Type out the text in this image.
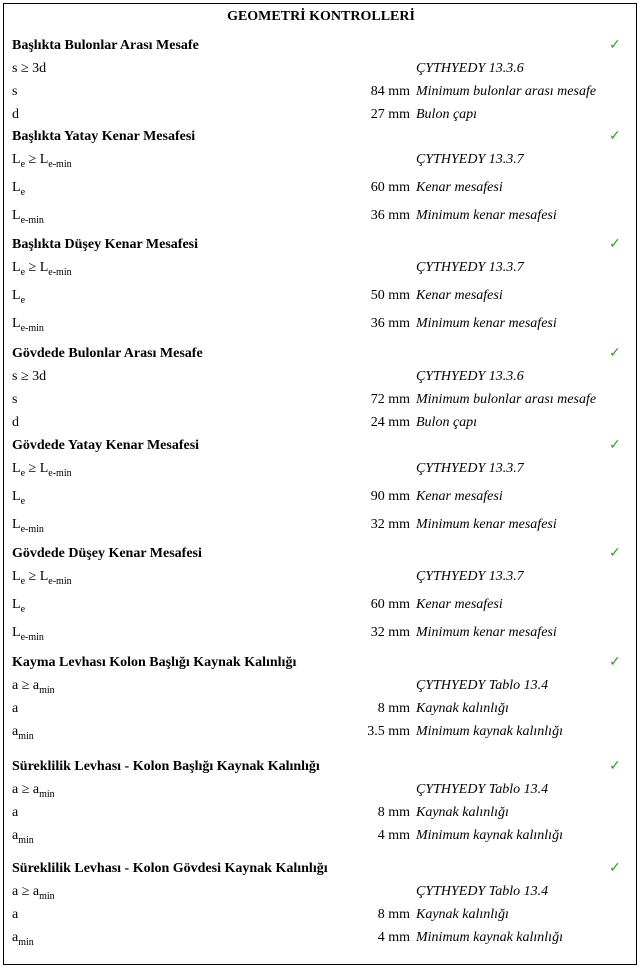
GEOMETRİ KONTROLLERİ
Başlıkta Bulonlar Arası Mesafe	✓
s ≥ 3d	ÇYTHYEDY 13.3.6
s	84 mm Minimum bulonlar arası mesafe
d	27 mm Bulon çapı
Başlıkta Yatay Kenar Mesafesi	✓
$L_e \ge L_{e-min}$	ÇYTHYEDY 13.3.7
$L_e$	60 mm Kenar mesafesi
$L_{e-min}$	36 mm Minimum kenar mesafesi
Başlıkta Düşey Kenar Mesafesi	✓
$L_e \ge L_{e-min}$	ÇYTHYEDY 13.3.7
$L_e$	50 mm Kenar mesafesi
$L_{e-min}$	36 mm Minimum kenar mesafesi
Gövdede Bulonlar Arası Mesafe	✓
s ≥ 3d	ÇYTHYEDY 13.3.6
s	72 mm Minimum bulonlar arası mesafe
d	24 mm Bulon çapı
Gövdede Yatay Kenar Mesafesi	✓
$L_e \ge L_{e-min}$	ÇYTHYEDY 13.3.7
$L_e$	90 mm Kenar mesafesi
$L_{e-min}$	32 mm Minimum kenar mesafesi
Gövdede Düşey Kenar Mesafesi	✓
$L_e \ge L_{e-min}$	ÇYTHYEDY 13.3.7
$L_e$	60 mm Kenar mesafesi
$L_{e-min}$	32 mm Minimum kenar mesafesi
Kayma Levhası Kolon Başlığı Kaynak Kalınlığı	✓
$a \ge a_{min}$	ÇYTHYEDY Tablo 13.4
a	8 mm Kaynak kalınlığı
$a_{min}$	3.5 mm Minimum kaynak kalınlığı
Süreklilik Levhası - Kolon Başlığı Kaynak Kalınlığı	✓
$a \ge a_{min}$	ÇYTHYEDY Tablo 13.4
a	8 mm Kaynak kalınlığı
$a_{min}$	4 mm Minimum kaynak kalınlığı
Süreklilik Levhası - Kolon Gövdesi Kaynak Kalınlığı	✓
$a \ge a_{min}$	ÇYTHYEDY Tablo 13.4
a	8 mm Kaynak kalınlığı
$a_{min}$	4 mm Minimum kaynak kalınlığı
